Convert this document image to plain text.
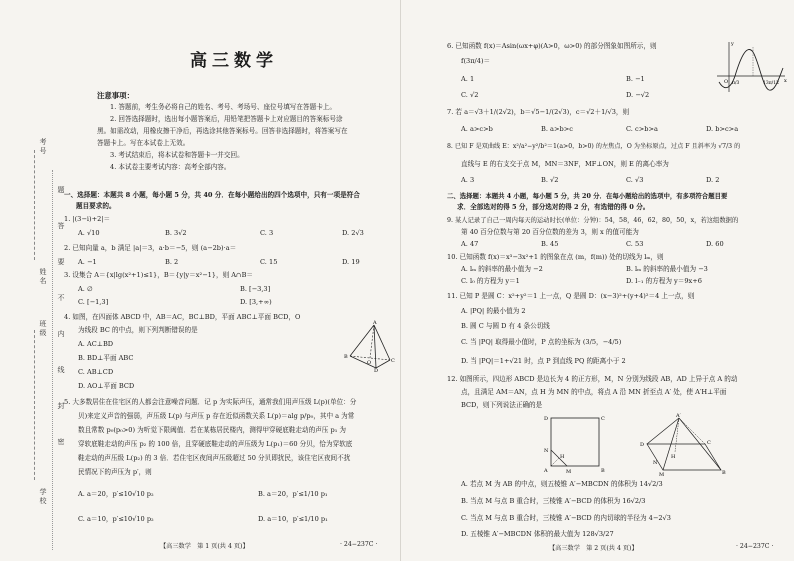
考号
姓名
班级
学校
题
答
要
不
内
线
封
密
高三数学
注意事项：
1. 答题前，考生务必将自己的姓名、考号、考场号、座位号填写在答题卡上。
2. 回答选择题时，选出每小题答案后，用铅笔把答题卡上对应题目的答案标号涂
黑。如需改动，用橡皮擦干净后，再选涂其他答案标号。回答非选择题时，将答案写在
答题卡上。写在本试卷上无效。
3. 考试结束后，将本试卷和答题卡一并交回。
4. 本试卷主要考试内容：高考全部内容。
一、选择题：本题共 8 小题，每小题 5 分，共 40 分．在每小题给出的四个选项中，只有一项是符合
题目要求的。
1. |(3−i)+2|＝
A. √10	B. 3√2	C. 3	D. 2√3
2. 已知向量 a，b 满足 |a|＝3，a·b＝−5，则 (a−2b)·a＝
A. −1	B. 2	C. 15	D. 19
3. 设集合 A＝{x|lg(x²+1)≤1}，B＝{y|y＝x²−1}，则 A∩B＝
A. ∅	B. [−3,3]
C. [−1,3]	D. [3,+∞)
4. 如图，在四面体 ABCD 中，AB＝AC，BC⊥BD，平面 ABC⊥平面 BCD，O
为线段 BC 的中点，则下列判断错误的是
A. AC⊥BD
B. BD⊥平面 ABC
C. AB⊥CD
D. AO⊥平面 BCD
A
B
O	C
D
5. 大多数居住在住宅区的人都会注意噪音问题．记 p 为实际声压，通常我们用声压级 L(p)(单位：分
贝)来定义声音的强弱，声压级 L(p) 与声压 p 存在近似函数关系 L(p)＝alg p/p₀，其中 a 为常
数且常数 p₀(p₀>0) 为听觉下限阈值．若在某栋居民楼内，测得甲穿硬底鞋走动的声压 p₁ 为
穿软底鞋走动的声压 p₂ 的 100 倍，且穿硬底鞋走动的声压级为 L(p₁)＝60 分贝，恰为穿软底
鞋走动的声压级 L(p₂) 的 3 倍．若住宅区夜间声压级超过 50 分贝即扰民，该住宅区夜间不扰
民情况下的声压为 p′，则
A. a＝20，p′≤10√10 p₂	B. a＝20，p′≤1/10 p₁
C. a＝10，p′≤10√10 p₂	D. a＝10，p′≤1/10 p₁
【高三数学　第 1 页(共 4 页)】	· 24−237C ·
6. 已知函数 f(x)＝Asin(ωx+φ)(A>0，ω>0) 的部分图象如图所示，则
f(3π/4)＝
A. 1	B. −1
C. √2	D. −√2
x
y
O π/3	13π/12
7. 若 a＝√3＋1/(2√2)，b＝√5−1/(2√3)，c＝√2＋1/√3，则
A. a>c>b	B. a>b>c	C. c>b>a	D. b>c>a
8. 已知 F 是双曲线 E：x²/a²−y²/b²＝1(a>0，b>0) 的左焦点，O 为坐标原点，过点 F 且斜率为 √7/3 的
直线与 E 的右支交于点 M，MN＝3NF，MF⊥ON，则 E 的离心率为
A. 3	B. √2	C. √3	D. 2
二、选择题：本题共 4 小题，每小题 5 分，共 20 分．在每小题给出的选项中，有多项符合题目要
求．全部选对的得 5 分，部分选对的得 2 分，有选错的得 0 分。
9. 某人记录了自己一周内每天的运动时长(单位：分钟)：54，58，46，62，80，50，x，若这组数据的
第 40 百分位数与第 20 百分位数的差为 3，则 x 的值可能为
A. 47	B. 45	C. 53	D. 60
10. 已知函数 f(x)＝x³−3x²+1 的图象在点 (m，f(m)) 处的切线为 lₘ，则
A. lₘ 的斜率的最小值为 −2	B. lₘ 的斜率的最小值为 −3
C. l₀ 的方程为 y＝1	D. l₋₁ 的方程为 y＝9x+6
11. 已知 P 是圆 C：x²+y²＝1 上一点，Q 是圆 D：(x−3)²+(y+4)²＝4 上一点，则
A. |PQ| 的最小值为 2
B. 圆 C 与圆 D 有 4 条公切线
C. 当 |PQ| 取得最小值时，P 点的坐标为 (3/5，−4/5)
D. 当 |PQ|＝1+√21 时，点 P 到直线 PQ 的距离小于 2
12. 如图所示，四边形 ABCD 是边长为 4 的正方形，M，N 分别为线段 AB，AD 上异于点 A 的动
点，且满足 AM＝AN，点 H 为 MN 的中点，将点 A 沿 MN 折至点 A′ 处，使 A′H⊥平面
BCD，则下列说法正确的是
D	C
A	B
N
H
M
A′
D	C
N
H
M	B
A. 若点 M 为 AB 的中点，则五棱锥 A′−MBCDN 的体积为 14√2/3
B. 当点 M 与点 B 重合时，三棱锥 A′−BCD 的体积为 16√2/3
C. 当点 M 与点 B 重合时，三棱锥 A′−BCD 的内切球的半径为 4−2√3
D. 五棱锥 A′−MBCDN 体积的最大值为 128√3/27
【高三数学　第 2 页(共 4 页)】	· 24−237C ·
